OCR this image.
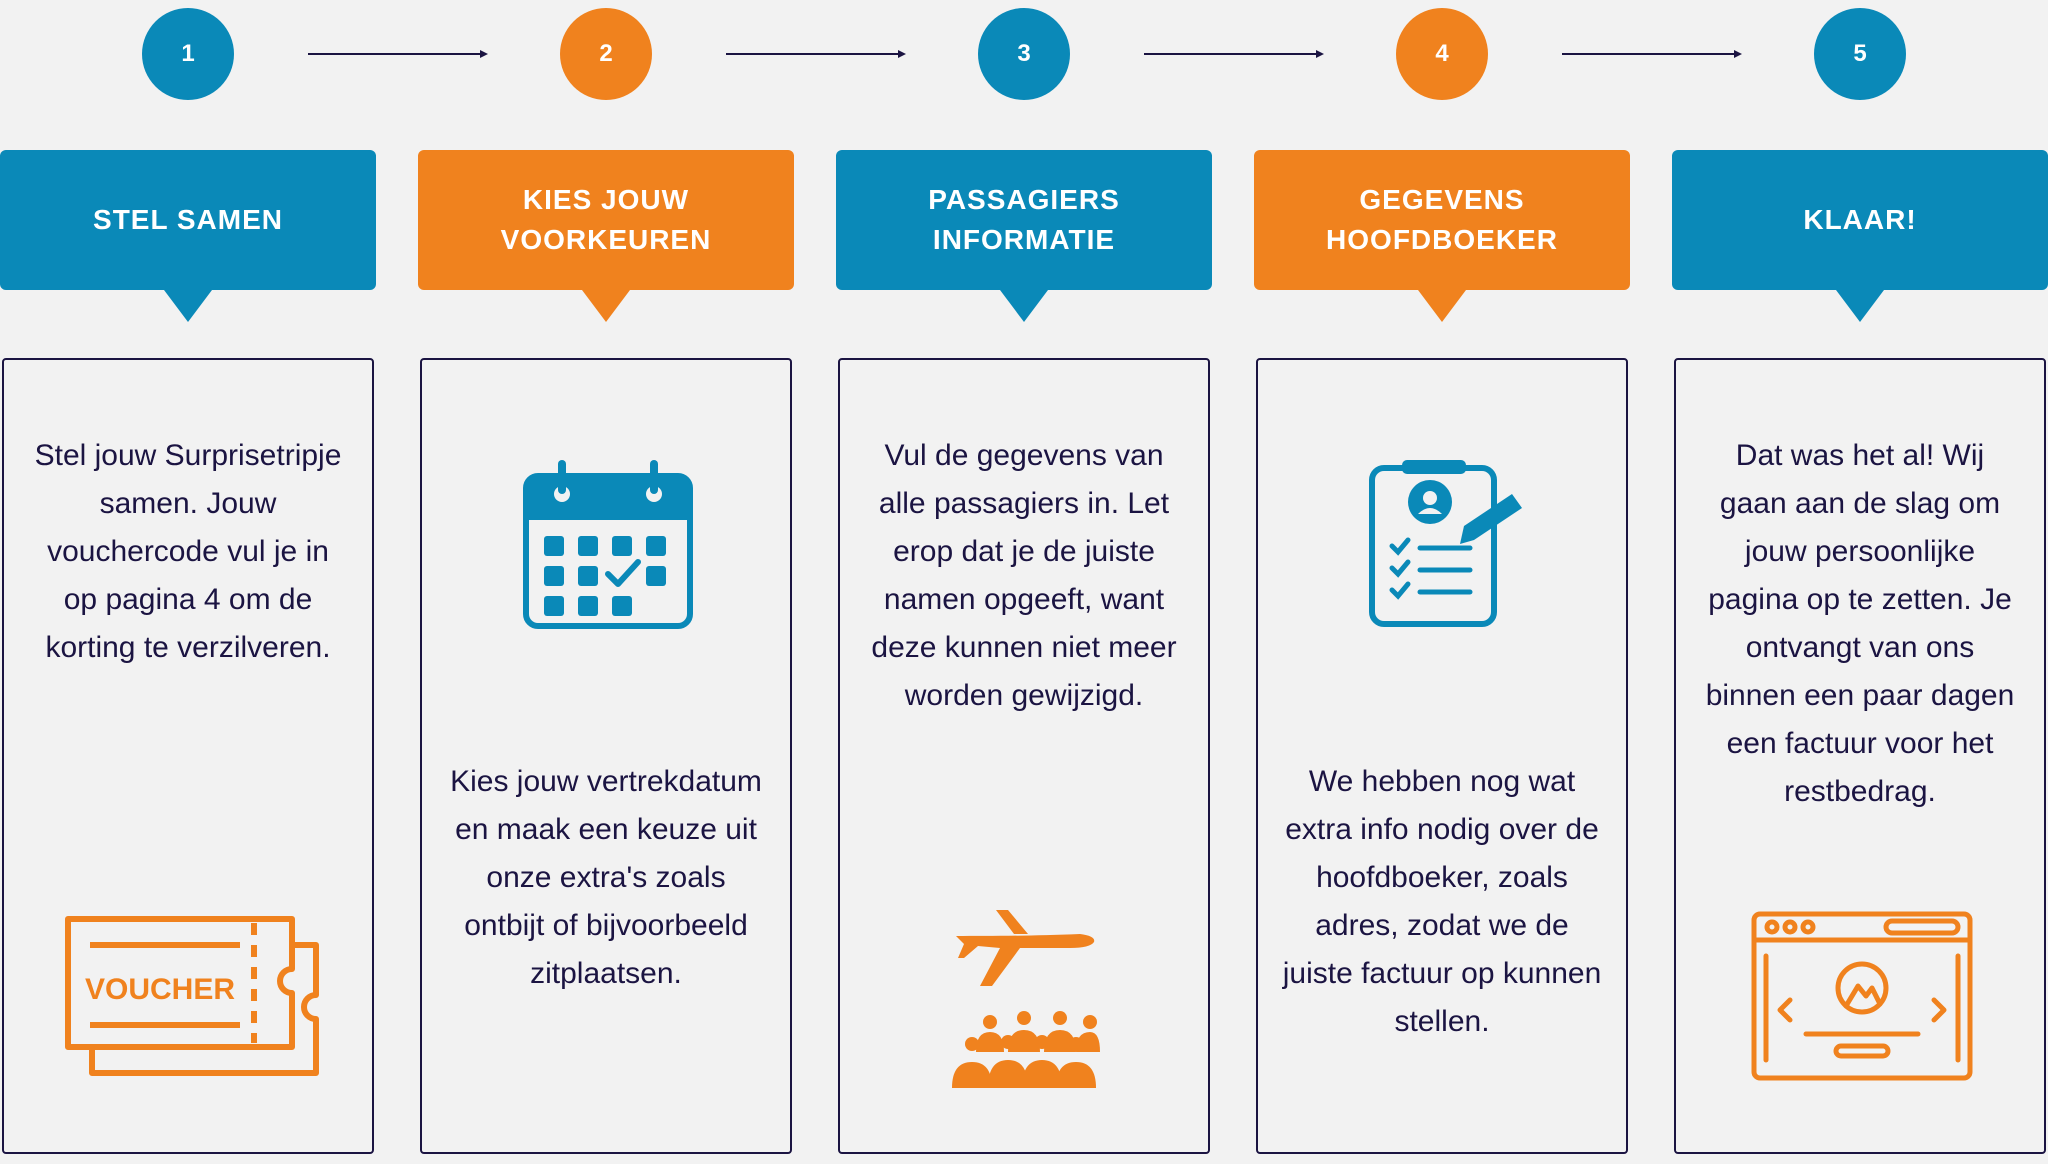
1	2	3	4	5
STEL SAMEN
KIES JOUW
VOORKEUREN
PASSAGIERS
INFORMATIE
GEGEVENS
HOOFDBOEKER
KLAAR!
Stel jouw Surprisetripje samen. Jouw vouchercode vul je in op pagina 4 om de korting te verzilveren.
VOUCHER
Kies jouw vertrekdatum en maak een keuze uit onze extra's zoals ontbijt of bijvoorbeeld zitplaatsen.
Vul de gegevens van alle passagiers in. Let erop dat je de juiste namen opgeeft, want deze kunnen niet meer worden gewijzigd.
We hebben nog wat extra info nodig over de hoofdboeker, zoals adres, zodat we de juiste factuur op kunnen stellen.
Dat was het al! Wij gaan aan de slag om jouw persoonlijke pagina op te zetten. Je ontvangt van ons binnen een paar dagen een factuur voor het restbedrag.
